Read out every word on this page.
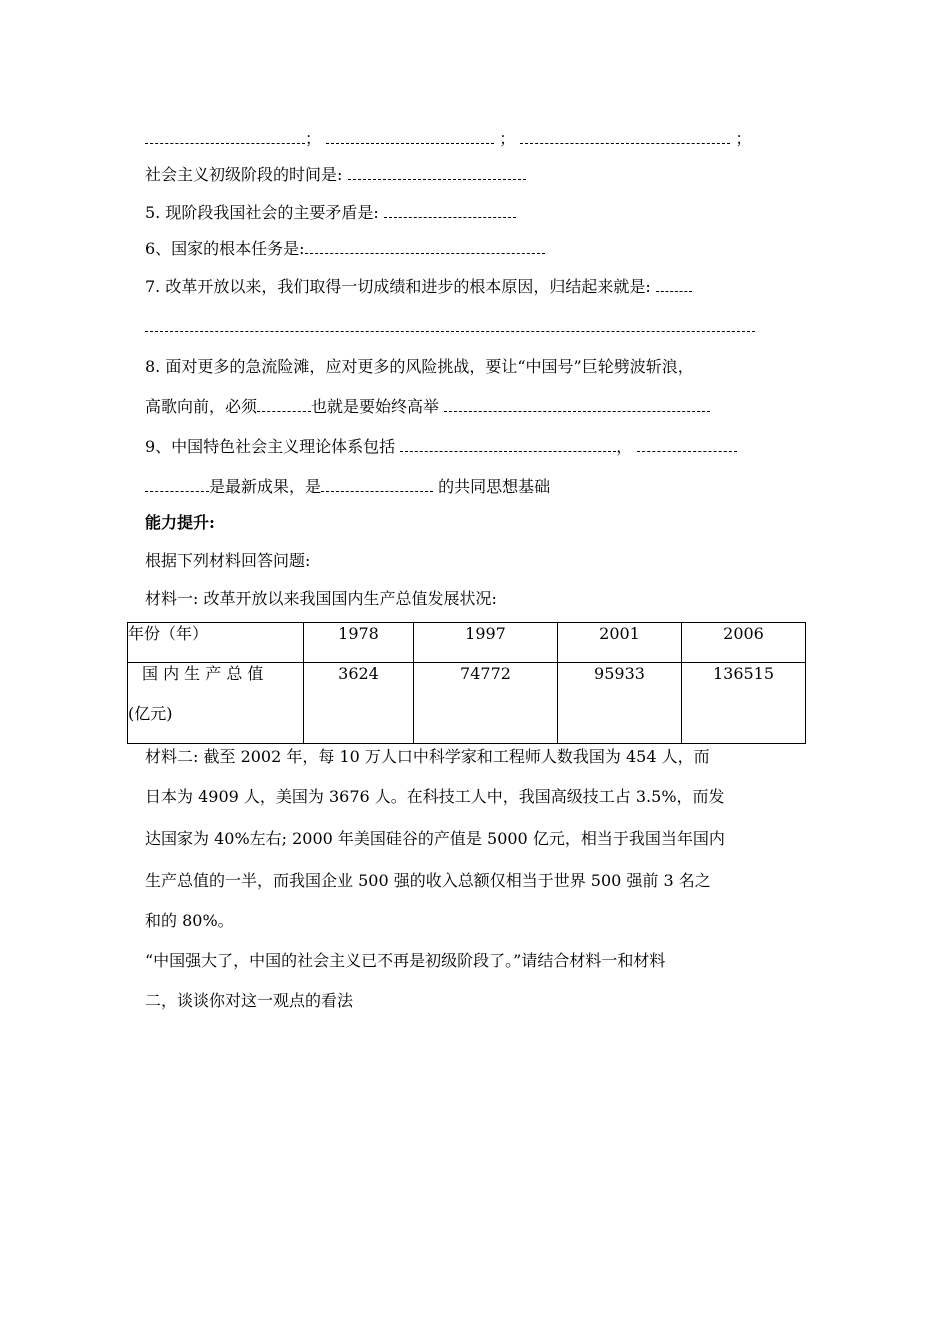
；	；	；
社会主义初级阶段的时间是:
5. 现阶段我国社会的主要矛盾是:
6、国家的根本任务是:
7. 改革开放以来，我们取得一切成绩和进步的根本原因，归结起来就是:
8. 面对更多的急流险滩，应对更多的风险挑战，要让“中国号”巨轮劈波斩浪，
高歌向前，必须	也就是要始终高举
9、中国特色社会主义理论体系包括	，
是最新成果，是	的共同思想基础
能力提升:
根据下列材料回答问题:
材料一: 改革开放以来我国国内生产总值发展状况:
年份（年）	1978	1997	2001	2006

国 内 生 产 总 值
(亿元)	3624	74772	95933	136515
材料二: 截至 2002 年，每 10 万人口中科学家和工程师人数我国为 454 人，而
日本为 4909 人，美国为 3676 人。在科技工人中，我国高级技工占 3.5%，而发
达国家为 40%左右; 2000 年美国硅谷的产值是 5000 亿元，相当于我国当年国内
生产总值的一半，而我国企业 500 强的收入总额仅相当于世界 500 强前 3 名之
和的 80%。
“中国强大了，中国的社会主义已不再是初级阶段了。”请结合材料一和材料
二，谈谈你对这一观点的看法
